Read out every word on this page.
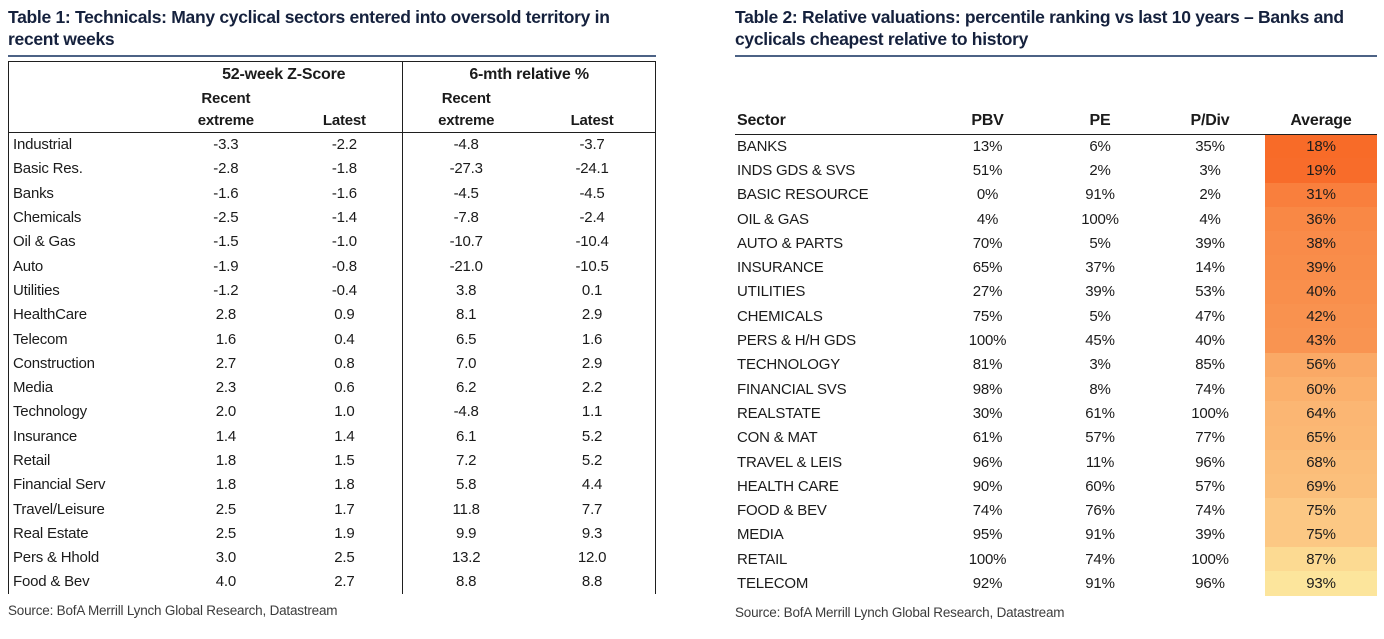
Table 1: Technicals: Many cyclical sectors entered into oversold territory in recent weeks
	52-week Z-Score		6-mth relative %	
	Recent		Recent	
	extreme	Latest	extreme	Latest
Industrial	-3.3	-2.2	-4.8	-3.7
Basic Res.	-2.8	-1.8	-27.3	-24.1
Banks	-1.6	-1.6	-4.5	-4.5
Chemicals	-2.5	-1.4	-7.8	-2.4
Oil & Gas	-1.5	-1.0	-10.7	-10.4
Auto	-1.9	-0.8	-21.0	-10.5
Utilities	-1.2	-0.4	3.8	0.1
HealthCare	2.8	0.9	8.1	2.9
Telecom	1.6	0.4	6.5	1.6
Construction	2.7	0.8	7.0	2.9
Media	2.3	0.6	6.2	2.2
Technology	2.0	1.0	-4.8	1.1
Insurance	1.4	1.4	6.1	5.2
Retail	1.8	1.5	7.2	5.2
Financial Serv	1.8	1.8	5.8	4.4
Travel/Leisure	2.5	1.7	11.8	7.7
Real Estate	2.5	1.9	9.9	9.3
Pers & Hhold	3.0	2.5	13.2	12.0
Food & Bev	4.0	2.7	8.8	8.8

Source: BofA Merrill Lynch Global Research, Datastream

Table 2: Relative valuations: percentile ranking vs last 10 years – Banks and cyclicals cheapest relative to history
Sector	PBV	PE	P/Div	Average
BANKS	13%	6%	35%	18%
INDS GDS & SVS	51%	2%	3%	19%
BASIC RESOURCE	0%	91%	2%	31%
OIL & GAS	4%	100%	4%	36%
AUTO & PARTS	70%	5%	39%	38%
INSURANCE	65%	37%	14%	39%
UTILITIES	27%	39%	53%	40%
CHEMICALS	75%	5%	47%	42%
PERS & H/H GDS	100%	45%	40%	43%
TECHNOLOGY	81%	3%	85%	56%
FINANCIAL SVS	98%	8%	74%	60%
REALSTATE	30%	61%	100%	64%
CON & MAT	61%	57%	77%	65%
TRAVEL & LEIS	96%	11%	96%	68%
HEALTH CARE	90%	60%	57%	69%
FOOD & BEV	74%	76%	74%	75%
MEDIA	95%	91%	39%	75%
RETAIL	100%	74%	100%	87%
TELECOM	92%	91%	96%	93%

Source: BofA Merrill Lynch Global Research, Datastream
